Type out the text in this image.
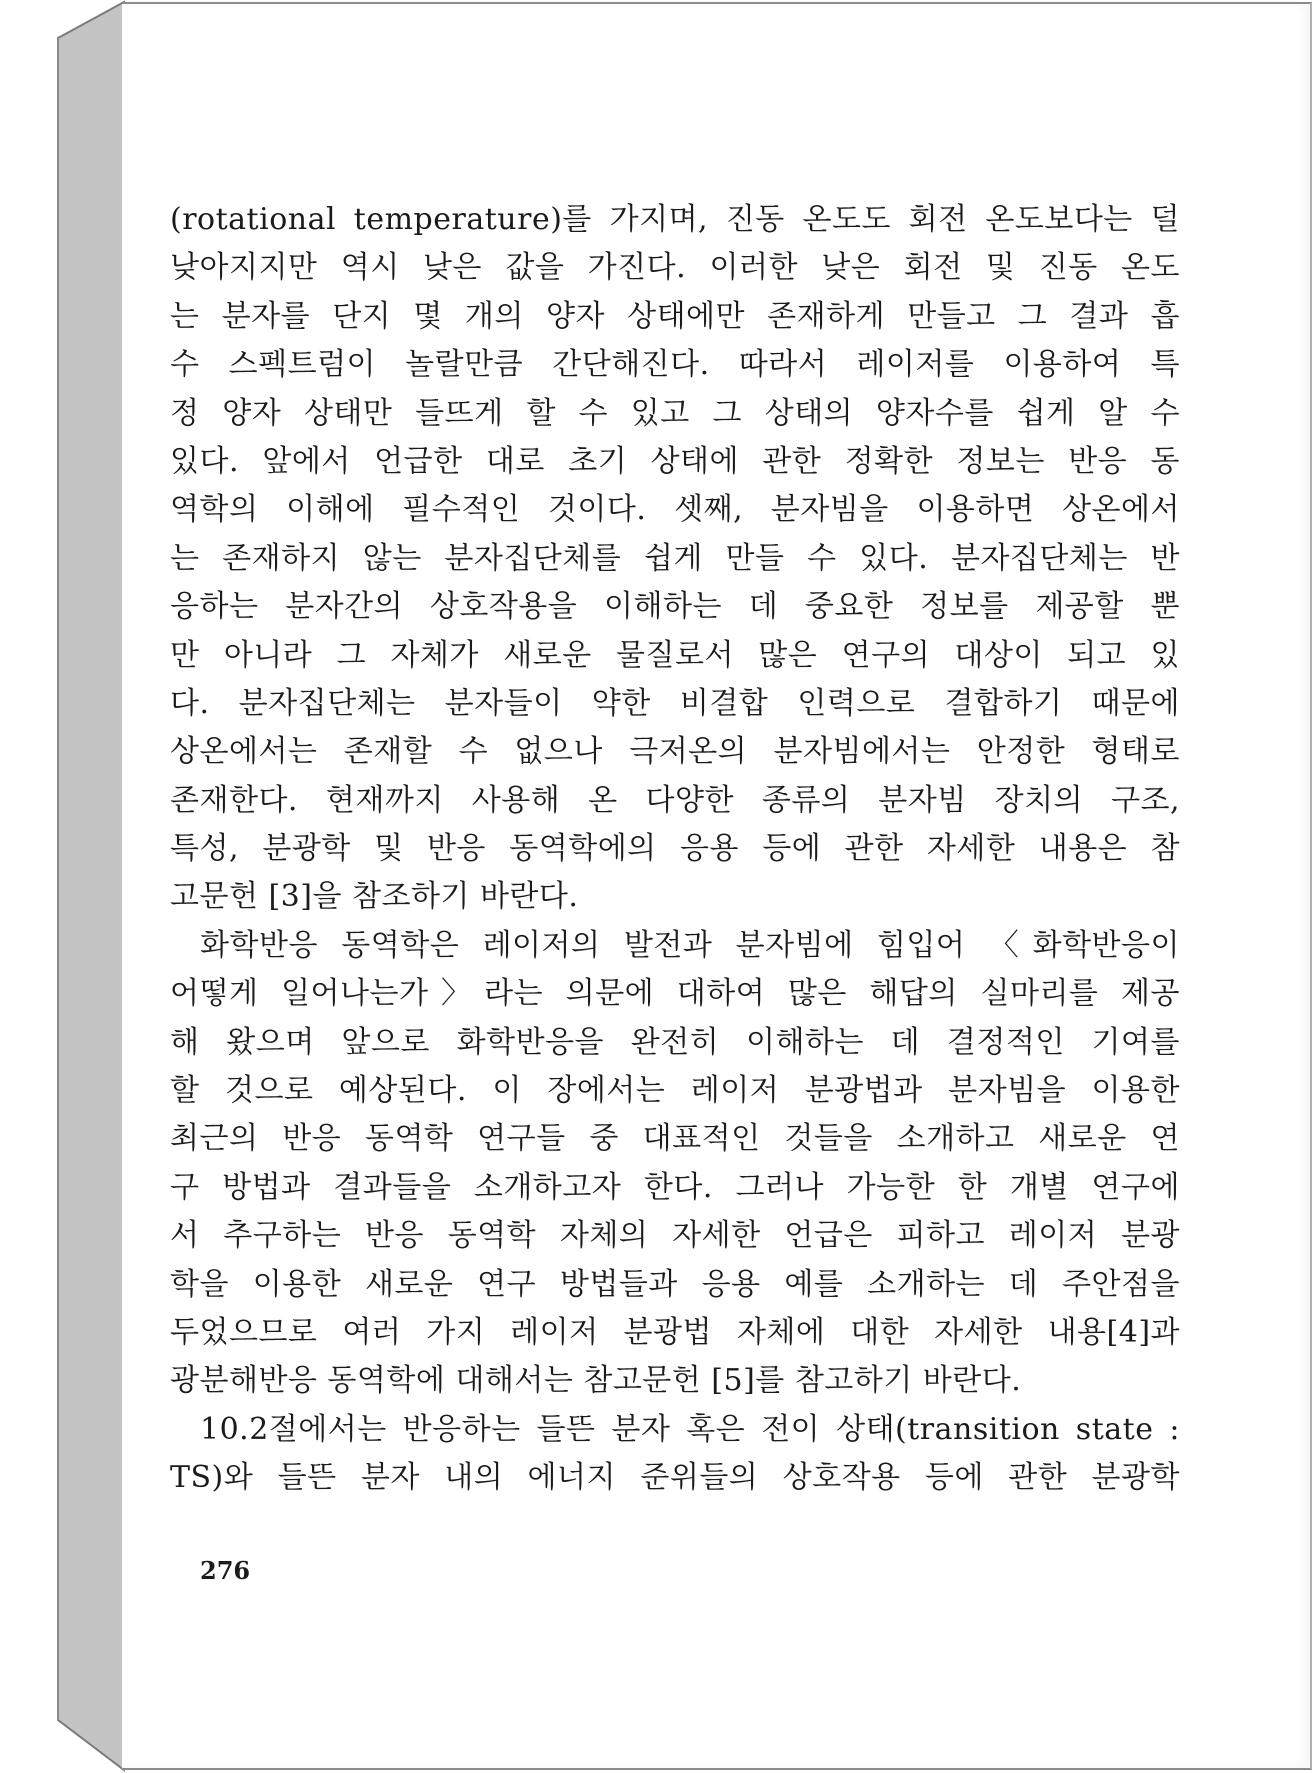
(rotational temperature)를 가지며, 진동 온도도 회전 온도보다는 덜
낮아지지만 역시 낮은 값을 가진다. 이러한 낮은 회전 및 진동 온도
는 분자를 단지 몇 개의 양자 상태에만 존재하게 만들고 그 결과 흡
수 스펙트럼이 놀랄만큼 간단해진다. 따라서 레이저를 이용하여 특
정 양자 상태만 들뜨게 할 수 있고 그 상태의 양자수를 쉽게 알 수
있다. 앞에서 언급한 대로 초기 상태에 관한 정확한 정보는 반응 동
역학의 이해에 필수적인 것이다. 셋째, 분자빔을 이용하면 상온에서
는 존재하지 않는 분자집단체를 쉽게 만들 수 있다. 분자집단체는 반
응하는 분자간의 상호작용을 이해하는 데 중요한 정보를 제공할 뿐
만 아니라 그 자체가 새로운 물질로서 많은 연구의 대상이 되고 있
다. 분자집단체는 분자들이 약한 비결합 인력으로 결합하기 때문에
상온에서는 존재할 수 없으나 극저온의 분자빔에서는 안정한 형태로
존재한다. 현재까지 사용해 온 다양한 종류의 분자빔 장치의 구조,
특성, 분광학 및 반응 동역학에의 응용 등에 관한 자세한 내용은 참
고문헌 [3]을 참조하기 바란다.
화학반응 동역학은 레이저의 발전과 분자빔에 힘입어 〈화학반응이
어떻게 일어나는가〉라는 의문에 대하여 많은 해답의 실마리를 제공
해 왔으며 앞으로 화학반응을 완전히 이해하는 데 결정적인 기여를
할 것으로 예상된다. 이 장에서는 레이저 분광법과 분자빔을 이용한
최근의 반응 동역학 연구들 중 대표적인 것들을 소개하고 새로운 연
구 방법과 결과들을 소개하고자 한다. 그러나 가능한 한 개별 연구에
서 추구하는 반응 동역학 자체의 자세한 언급은 피하고 레이저 분광
학을 이용한 새로운 연구 방법들과 응용 예를 소개하는 데 주안점을
두었으므로 여러 가지 레이저 분광법 자체에 대한 자세한 내용[4]과
광분해반응 동역학에 대해서는 참고문헌 [5]를 참고하기 바란다.
10.2절에서는 반응하는 들뜬 분자 혹은 전이 상태(transition state :
TS)와 들뜬 분자 내의 에너지 준위들의 상호작용 등에 관한 분광학
276
